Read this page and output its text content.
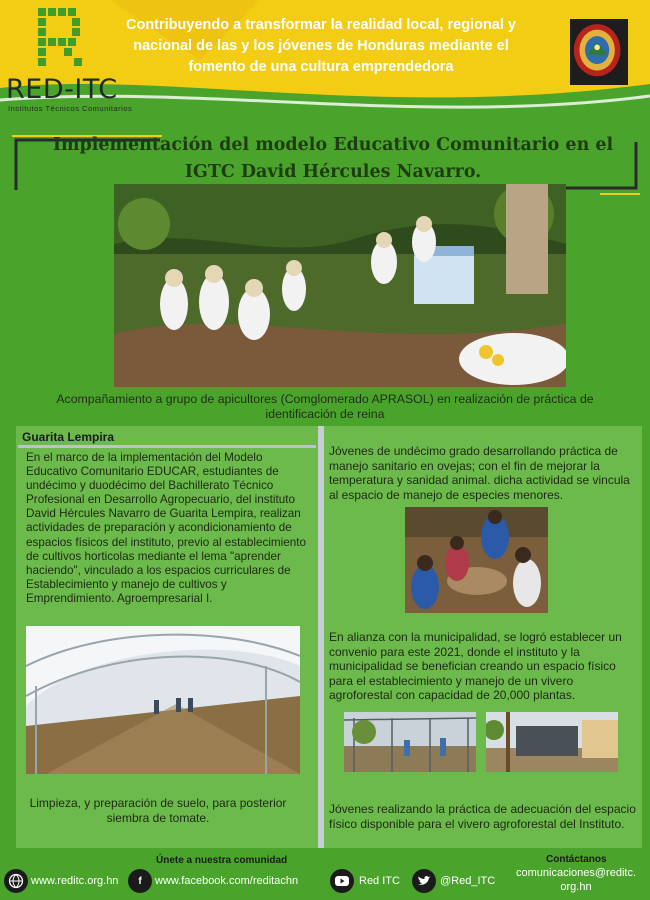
RED-ITC
Institutos Técnicos Comunitarios
Contribuyendo a transformar la realidad local, regional y nacional de las y los jóvenes de Honduras mediante el fomento de una cultura emprendedora
Implementación del modelo Educativo Comunitario en el IGTC David Hércules Navarro.
Acompañamiento a grupo de apicultores (Comglomerado APRASOL) en realización de práctica de identificación de reina
Guarita Lempira
En el marco de la implementación del Modelo Educativo Comunitario EDUCAR, estudiantes de undécimo y duodécimo del Bachillerato Técnico Profesional en Desarrollo Agropecuario, del instituto David Hércules Navarro de Guarita Lempira, realizan actividades de preparación y acondicionamiento de espacios físicos del instituto, previo al establecimiento de cultivos horticolas mediante el lema "aprender haciendo", vinculado a los espacios curriculares de Establecimiento y manejo de cultivos y Emprendimiento. Agroempresarial I.
Limpieza, y preparación de suelo, para posterior siembra de tomate.
Jóvenes de undécimo grado desarrollando práctica de manejo sanitario en ovejas; con el fin de mejorar la temperatura y sanidad animal. dicha actividad se vincula al espacio de manejo de especies menores.
En alianza con la municipalidad, se logró establecer un convenio para este 2021, donde el instituto y la municipalidad se benefician creando un espacio físico para el establecimiento y manejo de un vivero agroforestal con capacidad de 20,000 plantas.
Jóvenes realizando la práctica de adecuación del espacio físico disponible para el vivero agroforestal del Instituto.
Únete a nuestra comunidad	Contáctanos
www.reditc.org.hn	f	www.facebook.com/reditachn	Red ITC	@Red_ITC
comunicaciones@reditc. org.hn
